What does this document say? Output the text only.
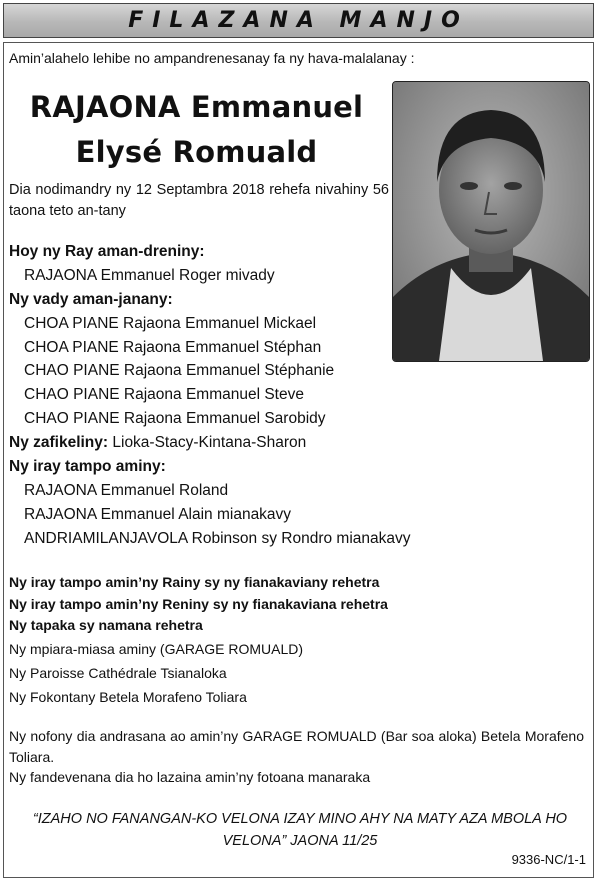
FILAZANA MANJO
Amin’alahelo lehibe no ampandrenesanay fa ny hava-malalanay :
RAJAONA Emmanuel
Elysé Romuald
Dia nodimandry ny 12 Septambra 2018 rehefa nivahiny 56 taona teto an-tany
Hoy ny Ray aman-dreniny:
RAJAONA Emmanuel Roger mivady
Ny vady aman-janany:
CHOA PIANE Rajaona Emmanuel Mickael
CHOA PIANE Rajaona Emmanuel Stéphan
CHAO PIANE Rajaona Emmanuel Stéphanie
CHAO PIANE Rajaona Emmanuel Steve
CHAO PIANE Rajaona Emmanuel Sarobidy
Ny zafikeliny: Lioka-Stacy-Kintana-Sharon
Ny iray tampo aminy:
RAJAONA Emmanuel Roland
RAJAONA Emmanuel Alain mianakavy
ANDRIAMILANJAVOLA Robinson sy Rondro mianakavy
Ny iray tampo amin’ny Rainy sy ny fianakaviany rehetra
Ny iray tampo amin’ny Reniny sy ny fianakaviana rehetra
Ny tapaka sy namana rehetra
Ny mpiara-miasa aminy (GARAGE ROMUALD)
Ny Paroisse Cathédrale Tsianaloka
Ny Fokontany Betela Morafeno Toliara
Ny nofony dia andrasana ao amin’ny GARAGE ROMUALD (Bar soa aloka) Betela Morafeno Toliara.
Ny fandevenana dia ho lazaina amin’ny fotoana manaraka
“IZAHO NO FANANGAN-KO VELONA IZAY MINO AHY NA MATY AZA MBOLA HO
VELONA” JAONA 11/25
9336-NC/1-1
